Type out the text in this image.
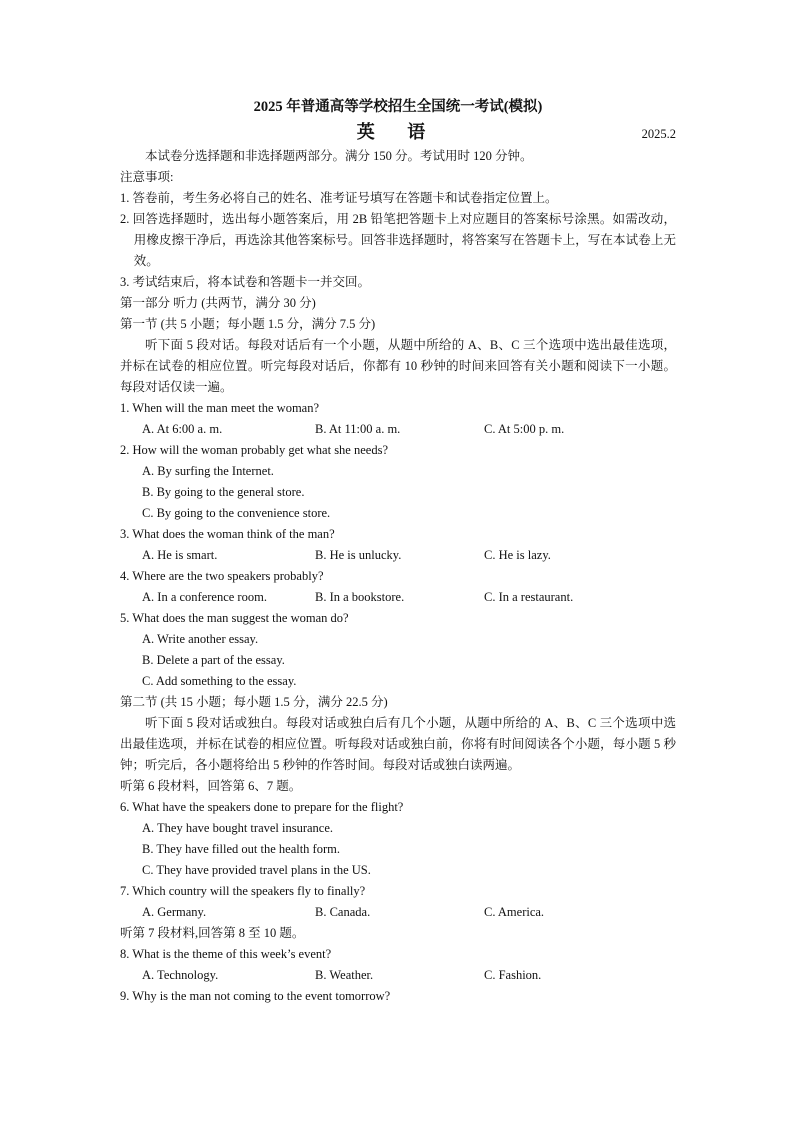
2025 年普通高等学校招生全国统一考试(模拟)
英 语	2025.2
本试卷分选择题和非选择题两部分。满分 150 分。考试用时 120 分钟。
注意事项:
1. 答卷前，考生务必将自己的姓名、准考证号填写在答题卡和试卷指定位置上。
2. 回答选择题时，选出每小题答案后，用 2B 铅笔把答题卡上对应题目的答案标号涂黑。如需改动，用橡皮擦干净后，再选涂其他答案标号。回答非选择题时，将答案写在答题卡上，写在本试卷上无效。
3. 考试结束后，将本试卷和答题卡一并交回。
第一部分 听力 (共两节，满分 30 分)
第一节 (共 5 小题；每小题 1.5 分，满分 7.5 分)
听下面 5 段对话。每段对话后有一个小题，从题中所给的 A、B、C 三个选项中选出最佳选项，并标在试卷的相应位置。听完每段对话后，你都有 10 秒钟的时间来回答有关小题和阅读下一小题。每段对话仅读一遍。
1. When will the man meet the woman?
A. At 6:00 a. m.	B. At 11:00 a. m.	C. At 5:00 p. m.
2. How will the woman probably get what she needs?
A. By surfing the Internet.
B. By going to the general store.
C. By going to the convenience store.
3. What does the woman think of the man?
A. He is smart.	B. He is unlucky.	C. He is lazy.
4. Where are the two speakers probably?
A. In a conference room.	B. In a bookstore.	C. In a restaurant.
5. What does the man suggest the woman do?
A. Write another essay.
B. Delete a part of the essay.
C. Add something to the essay.
第二节 (共 15 小题；每小题 1.5 分，满分 22.5 分)
听下面 5 段对话或独白。每段对话或独白后有几个小题，从题中所给的 A、B、C 三个选项中选出最佳选项，并标在试卷的相应位置。听每段对话或独白前，你将有时间阅读各个小题，每小题 5 秒钟；听完后，各小题将给出 5 秒钟的作答时间。每段对话或独白读两遍。
听第 6 段材料，回答第 6、7 题。
6. What have the speakers done to prepare for the flight?
A. They have bought travel insurance.
B. They have filled out the health form.
C. They have provided travel plans in the US.
7. Which country will the speakers fly to finally?
A. Germany.	B. Canada.	C. America.
听第 7 段材料,回答第 8 至 10 题。
8. What is the theme of this week’s event?
A. Technology.	B. Weather.	C. Fashion.
9. Why is the man not coming to the event tomorrow?
